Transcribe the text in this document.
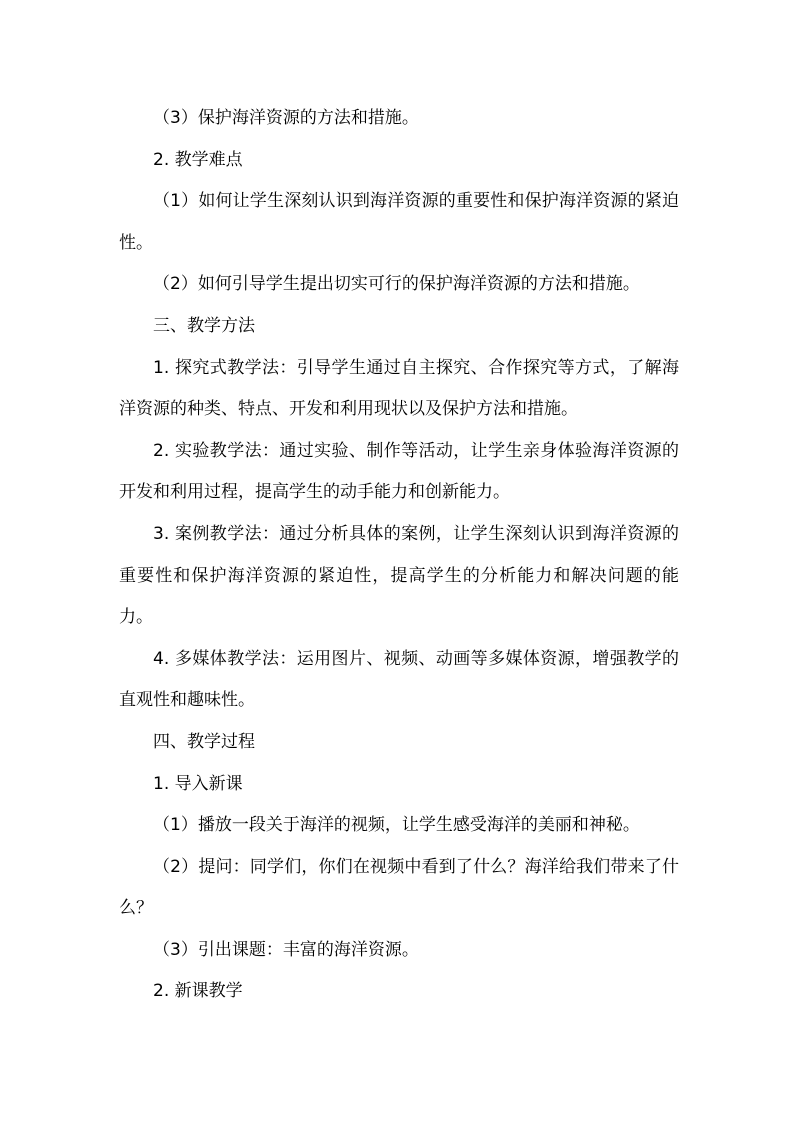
（3）保护海洋资源的方法和措施。

2. 教学难点

（1）如何让学生深刻认识到海洋资源的重要性和保护海洋资源的紧迫性。

（2）如何引导学生提出切实可行的保护海洋资源的方法和措施。

三、教学方法

1. 探究式教学法：引导学生通过自主探究、合作探究等方式，了解海洋资源的种类、特点、开发和利用现状以及保护方法和措施。

2. 实验教学法：通过实验、制作等活动，让学生亲身体验海洋资源的开发和利用过程，提高学生的动手能力和创新能力。

3. 案例教学法：通过分析具体的案例，让学生深刻认识到海洋资源的重要性和保护海洋资源的紧迫性，提高学生的分析能力和解决问题的能力。

4. 多媒体教学法：运用图片、视频、动画等多媒体资源，增强教学的直观性和趣味性。

四、教学过程

1. 导入新课

（1）播放一段关于海洋的视频，让学生感受海洋的美丽和神秘。

（2）提问：同学们，你们在视频中看到了什么？海洋给我们带来了什么？

（3）引出课题：丰富的海洋资源。

2. 新课教学
